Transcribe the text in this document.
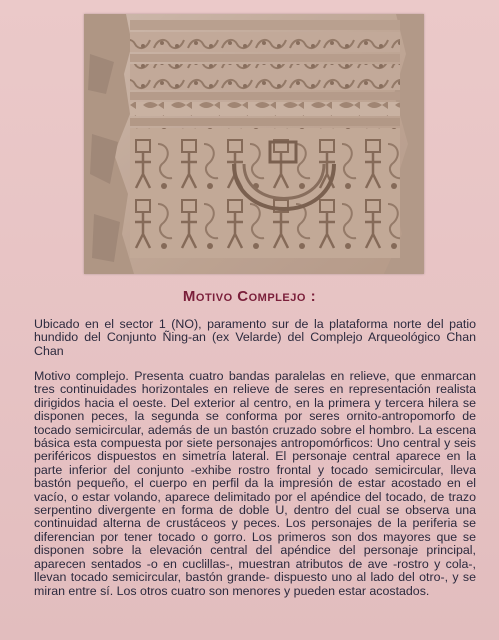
Motivo Complejo :

Ubicado en el sector 1 (NO), paramento sur de la plataforma norte del patio hundido del Conjunto Ñing-an (ex Velarde) del Complejo Arqueológico Chan Chan

Motivo complejo. Presenta cuatro bandas paralelas en relieve, que enmarcan tres continuidades horizontales en relieve de seres en representación realista dirigidos hacia el oeste. Del exterior al centro, en la primera y tercera hilera se disponen peces, la segunda se conforma por seres ornito-antropomorfo de tocado semicircular, además de un bastón cruzado sobre el hombro. La escena básica esta compuesta por siete personajes antropomórficos: Uno central y seis periféricos dispuestos en simetría lateral. El personaje central aparece en la parte inferior del conjunto -exhibe rostro frontal y tocado semicircular, lleva bastón pequeño, el cuerpo en perfil da la impresión de estar acostado en el vacío, o estar volando, aparece delimitado por el apéndice del tocado, de trazo serpentino divergente en forma de doble U, dentro del cual se observa una continuidad alterna de crustáceos y peces. Los personajes de la periferia se diferencian por tener tocado o gorro. Los primeros son dos mayores que se disponen sobre la elevación central del apéndice del personaje principal, aparecen sentados -o en cuclillas-, muestran atributos de ave -rostro y cola-, llevan tocado semicircular, bastón grande- dispuesto uno al lado del otro-, y se miran entre sí. Los otros cuatro son menores y pueden estar acostados.
